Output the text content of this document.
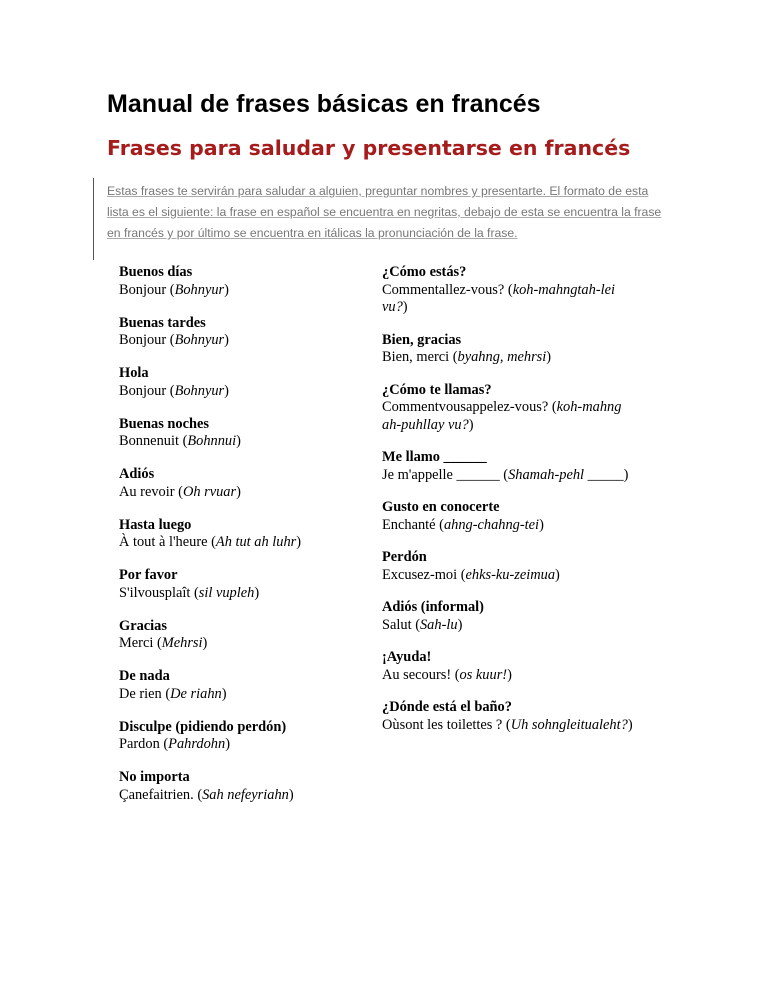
Manual de frases básicas en francés
Frases para saludar y presentarse en francés

Estas frases te servirán para saludar a alguien, preguntar nombres y presentarte. El formato de esta lista es el siguiente: la frase en español se encuentra en negritas, debajo de esta se encuentra la frase en francés y por último se encuentra en itálicas la pronunciación de la frase.

Buenos días
Bonjour (Bohnyur)
Buenas tardes
Bonjour (Bohnyur)
Hola
Bonjour (Bohnyur)
Buenas noches
Bonnenuit (Bohnnui)
Adiós
Au revoir (Oh rvuar)
Hasta luego
À tout à l'heure (Ah tut ah luhr)
Por favor
S'ilvousplaît (sil vupleh)
Gracias
Merci (Mehrsi)
De nada
De rien (De riahn)
Disculpe (pidiendo perdón)
Pardon (Pahrdohn)
No importa
Çanefaitrien. (Sah nefeyriahn)
¿Cómo estás?
Commentallez-vous? (koh-mahngtah-lei vu?)
Bien, gracias
Bien, merci (byahng, mehrsi)
¿Cómo te llamas?
Commentvousappelez-vous? (koh-mahng ah-puhllay vu?)
Me llamo ______
Je m'appelle ______ (Shamah-pehl _____)
Gusto en conocerte
Enchanté (ahng-chahng-tei)
Perdón
Excusez-moi (ehks-ku-zeimua)
Adiós (informal)
Salut (Sah-lu)
¡Ayuda!
Au secours! (os kuur!)
¿Dónde está el baño?
Oùsont les toilettes ? (Uh sohngleitualeht?)
